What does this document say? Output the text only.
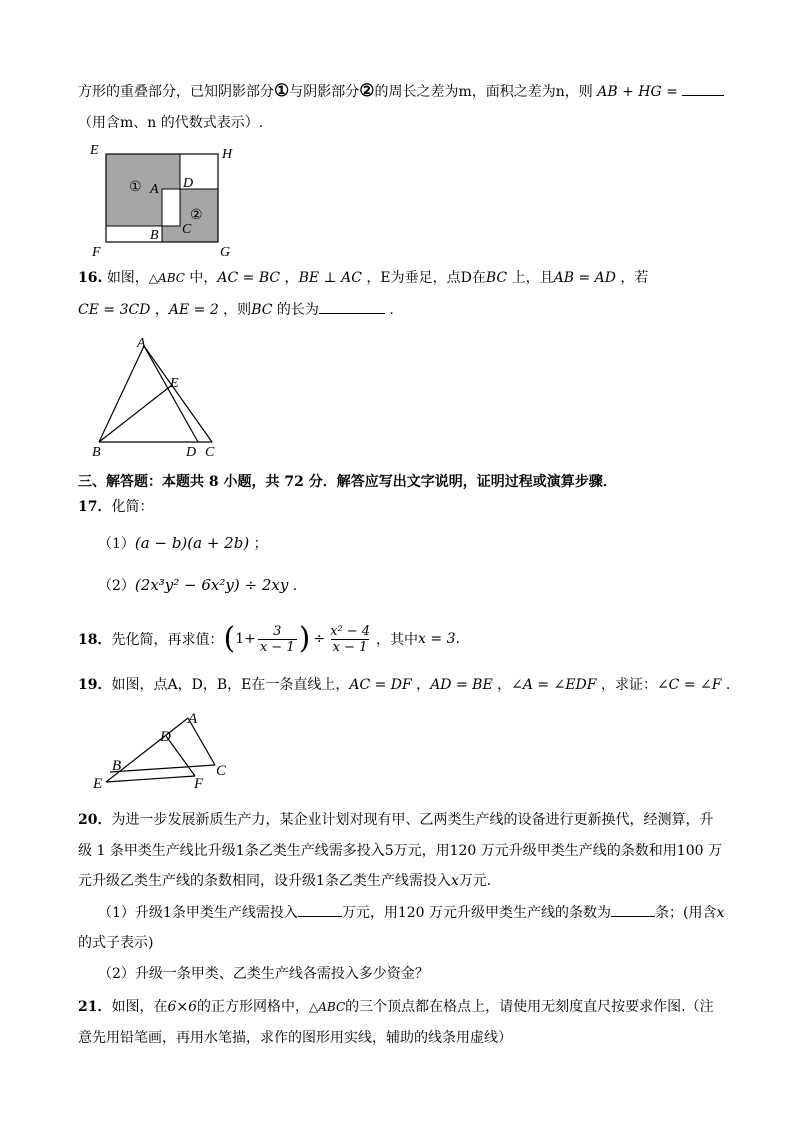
方形的重叠部分，已知阴影部分①与阴影部分②的周长之差为m，面积之差为n，则 AB + HG =
（用含m、n 的代数式表示）.
E	H
F	G
①
②
A D
C
B
16. 如图，△ABC 中，AC = BC ，BE ⊥ AC ，E为垂足，点D在BC 上，且AB = AD ，若
CE = 3CD ，AE = 2 ，则BC 的长为	.
A
E
B	D C
三、解答题：本题共 8 小题，共 72 分．解答应写出文字说明，证明过程或演算步骤．
17．化简：
（1）(a − b)(a + 2b) ；
（2）(2x³y² − 6x²y) ÷ 2xy .
18． 先化简，再求值： ( $1+ \frac{3}{x - 1}$ ) ÷ $\frac{\text{x² − 4}}{x - 1}$ ，其中 x = 3 .
19．如图，点A，D，B，E在一条直线上，AC = DF ，AD = BE ，∠A = ∠EDF ，求证：∠C = ∠F .
A
D
B
E
C
F
20．为进一步发展新质生产力，某企业计划对现有甲、乙两类生产线的设备进行更新换代，经测算，升
级 1 条甲类生产线比升级1条乙类生产线需多投入5万元，用120 万元升级甲类生产线的条数和用100 万
元升级乙类生产线的条数相同，设升级1条乙类生产线需投入x万元．
（1）升级1条甲类生产线需投入	万元，用120 万元升级甲类生产线的条数为	条；(用含x
的式子表示)
（2）升级一条甲类、乙类生产线各需投入多少资金？
21．如图，在6×6的正方形网格中，△ABC的三个顶点都在格点上，请使用无刻度直尺按要求作图.（注
意先用铅笔画，再用水笔描，求作的图形用实线，辅助的线条用虚线）
